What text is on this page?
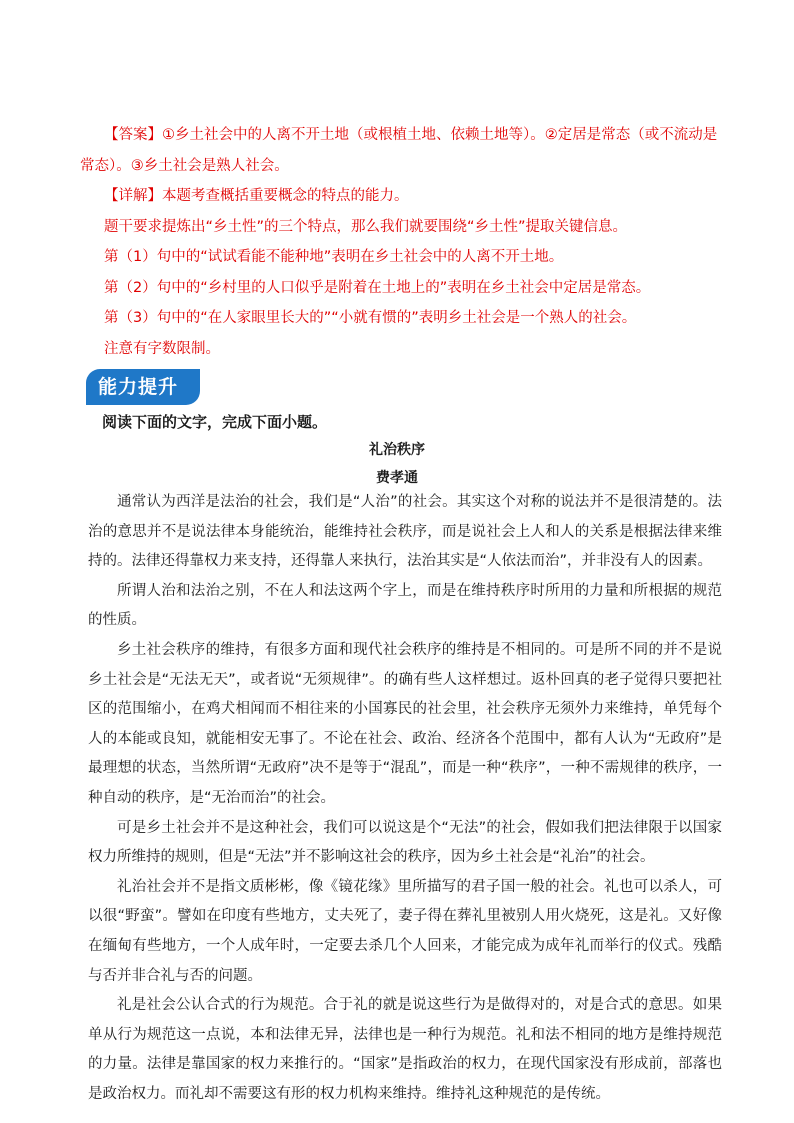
【答案】①乡土社会中的人离不开土地（或根植土地、依赖土地等）。②定居是常态（或不流动是常态）。③乡土社会是熟人社会。

【详解】本题考查概括重要概念的特点的能力。

题干要求提炼出“乡土性”的三个特点，那么我们就要围绕“乡土性”提取关键信息。

第（1）句中的“试试看能不能种地”表明在乡土社会中的人离不开土地。

第（2）句中的“乡村里的人口似乎是附着在土地上的”表明在乡土社会中定居是常态。

第（3）句中的“在人家眼里长大的”“小就有惯的”表明乡土社会是一个熟人的社会。

注意有字数限制。

能力提升
阅读下面的文字，完成下面小题。
礼治秩序
费孝通

通常认为西洋是法治的社会，我们是“人治”的社会。其实这个对称的说法并不是很清楚的。法治的意思并不是说法律本身能统治，能维持社会秩序，而是说社会上人和人的关系是根据法律来维持的。法律还得靠权力来支持，还得靠人来执行，法治其实是“人依法而治”，并非没有人的因素。

所谓人治和法治之别，不在人和法这两个字上，而是在维持秩序时所用的力量和所根据的规范的性质。

乡土社会秩序的维持，有很多方面和现代社会秩序的维持是不相同的。可是所不同的并不是说乡土社会是“无法无天”，或者说“无须规律”。的确有些人这样想过。返朴回真的老子觉得只要把社区的范围缩小，在鸡犬相闻而不相往来的小国寡民的社会里，社会秩序无须外力来维持，单凭每个人的本能或良知，就能相安无事了。不论在社会、政治、经济各个范围中，都有人认为“无政府”是最理想的状态，当然所谓“无政府”决不是等于“混乱”，而是一种“秩序”，一种不需规律的秩序，一种自动的秩序，是“无治而治”的社会。

可是乡土社会并不是这种社会，我们可以说这是个“无法”的社会，假如我们把法律限于以国家权力所维持的规则，但是“无法”并不影响这社会的秩序，因为乡土社会是“礼治”的社会。

礼治社会并不是指文质彬彬，像《镜花缘》里所描写的君子国一般的社会。礼也可以杀人，可以很“野蛮”。譬如在印度有些地方，丈夫死了，妻子得在葬礼里被别人用火烧死，这是礼。又好像在缅甸有些地方，一个人成年时，一定要去杀几个人回来，才能完成为成年礼而举行的仪式。残酷与否并非合礼与否的问题。

礼是社会公认合式的行为规范。合于礼的就是说这些行为是做得对的，对是合式的意思。如果单从行为规范这一点说，本和法律无异，法律也是一种行为规范。礼和法不相同的地方是维持规范的力量。法律是靠国家的权力来推行的。“国家”是指政治的权力，在现代国家没有形成前，部落也是政治权力。而礼却不需要这有形的权力机构来维持。维持礼这种规范的是传统。
